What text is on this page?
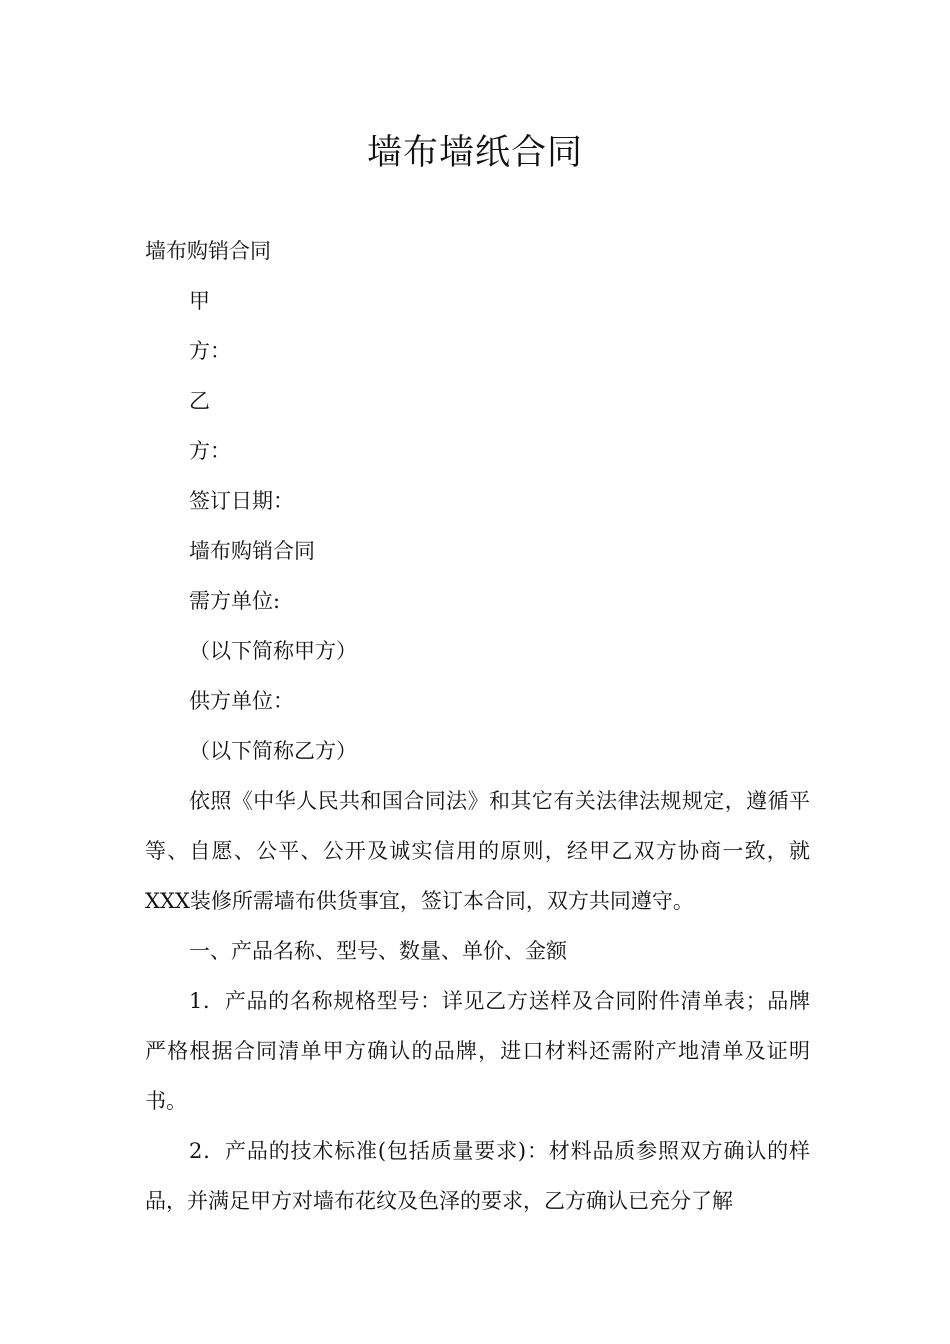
墙布墙纸合同

墙布购销合同

甲

方：

乙

方：

签订日期：

墙布购销合同

需方单位:

（以下简称甲方）

供方单位：

（以下简称乙方）

依照《中华人民共和国合同法》和其它有关法律法规规定，遵循平等、自愿、公平、公开及诚实信用的原则，经甲乙双方协商一致，就XXX装修所需墙布供货事宜，签订本合同，双方共同遵守。

一、产品名称、型号、数量、单价、金额

1．产品的名称规格型号：详见乙方送样及合同附件清单表；品牌严格根据合同清单甲方确认的品牌，进口材料还需附产地清单及证明书。

2．产品的技术标准(包括质量要求)：材料品质参照双方确认的样品，并满足甲方对墙布花纹及色泽的要求，乙方确认已充分了解
